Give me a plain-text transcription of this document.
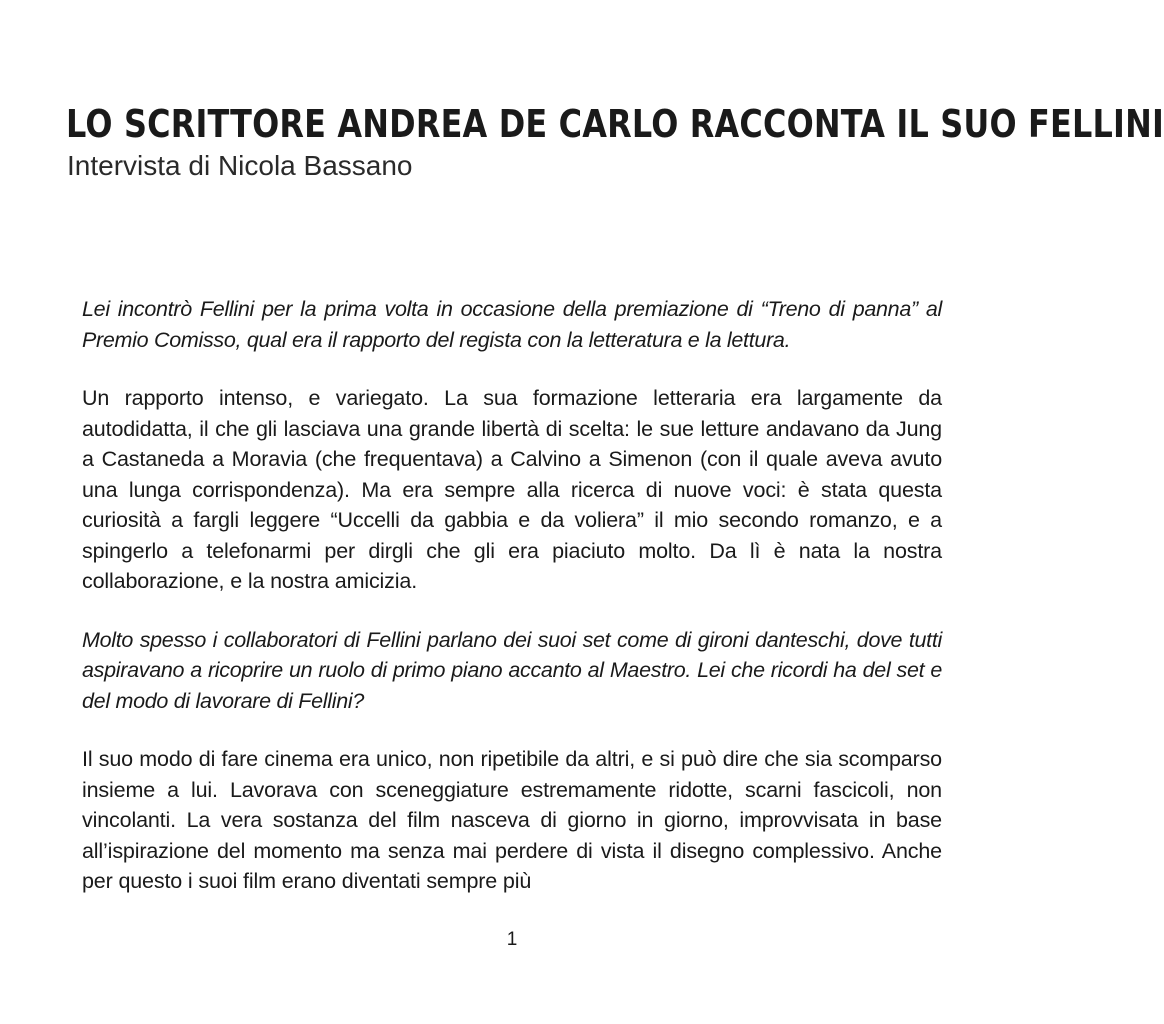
LO SCRITTORE ANDREA DE CARLO RACCONTA IL SUO FELLINI

Intervista di Nicola Bassano

Lei incontrò Fellini per la prima volta in occasione della premiazione di “Treno di panna” al Premio Comisso, qual era il rapporto del regista con la letteratura e la lettura.

Un rapporto intenso, e variegato. La sua formazione letteraria era largamente da autodidatta, il che gli lasciava una grande libertà di scelta: le sue letture andavano da Jung a Castaneda a Moravia (che frequentava) a Calvino a Simenon (con il quale aveva avuto una lunga corrispondenza). Ma era sempre alla ricerca di nuove voci: è stata questa curiosità a fargli leggere “Uccelli da gabbia e da voliera” il mio secondo romanzo, e a spingerlo a telefonarmi per dirgli che gli era piaciuto molto. Da lì è nata la nostra collaborazione, e la nostra amicizia.

Molto spesso i collaboratori di Fellini parlano dei suoi set come di gironi danteschi, dove tutti aspiravano a ricoprire un ruolo di primo piano accanto al Maestro. Lei che ricordi ha del set e del modo di lavorare di Fellini?

Il suo modo di fare cinema era unico, non ripetibile da altri, e si può dire che sia scomparso insieme a lui. Lavorava con sceneggiature estremamente ridotte, scarni fascicoli, non vincolanti. La vera sostanza del film nasceva di giorno in giorno, improvvisata in base all’ispirazione del momento ma senza mai perdere di vista il disegno complessivo. Anche per questo i suoi film erano diventati sempre più

1
